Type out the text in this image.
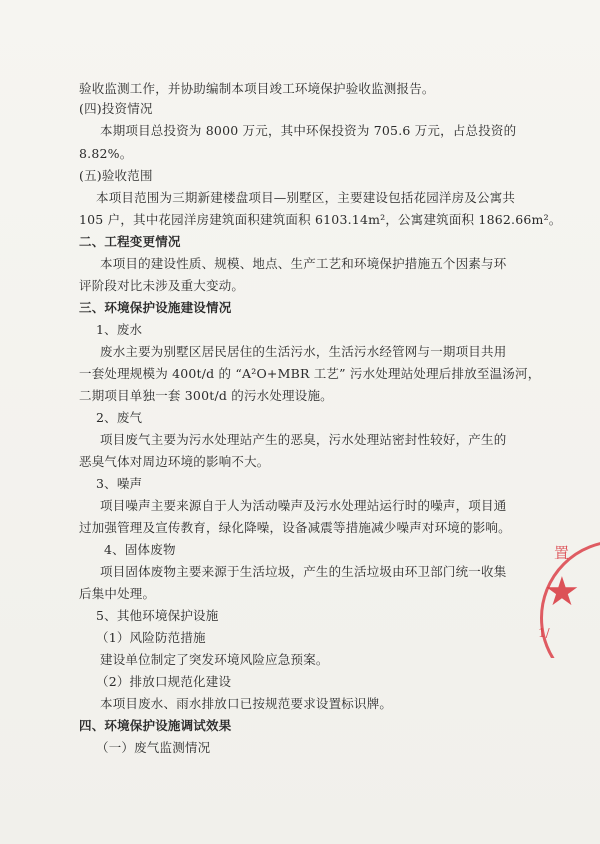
验收监测工作，并协助编制本项目竣工环境保护验收监测报告。
(四)投资情况
本期项目总投资为 8000 万元，其中环保投资为 705.6 万元，占总投资的
8.82%。
(五)验收范围
本项目范围为三期新建楼盘项目—别墅区，主要建设包括花园洋房及公寓共
105 户，其中花园洋房建筑面积建筑面积 6103.14m²，公寓建筑面积 1862.66m²。
二、工程变更情况
本项目的建设性质、规模、地点、生产工艺和环境保护措施五个因素与环
评阶段对比未涉及重大变动。
三、环境保护设施建设情况
1、废水
废水主要为别墅区居民居住的生活污水，生活污水经管网与一期项目共用
一套处理规模为 400t/d 的 “A²O+MBR 工艺” 污水处理站处理后排放至温汤河，
二期项目单独一套 300t/d 的污水处理设施。
2、废气
项目废气主要为污水处理站产生的恶臭，污水处理站密封性较好，产生的
恶臭气体对周边环境的影响不大。
3、噪声
项目噪声主要来源自于人为活动噪声及污水处理站运行时的噪声，项目通
过加强管理及宣传教育，绿化降噪，设备减震等措施减少噪声对环境的影响。
4、固体废物
项目固体废物主要来源于生活垃圾，产生的生活垃圾由环卫部门统一收集
后集中处理。
5、其他环境保护设施
（1）风险防范措施
建设单位制定了突发环境风险应急预案。
（2）排放口规范化建设
本项目废水、雨水排放口已按规范要求设置标识牌。
四、环境保护设施调试效果
（一）废气监测情况
置
★
1/
